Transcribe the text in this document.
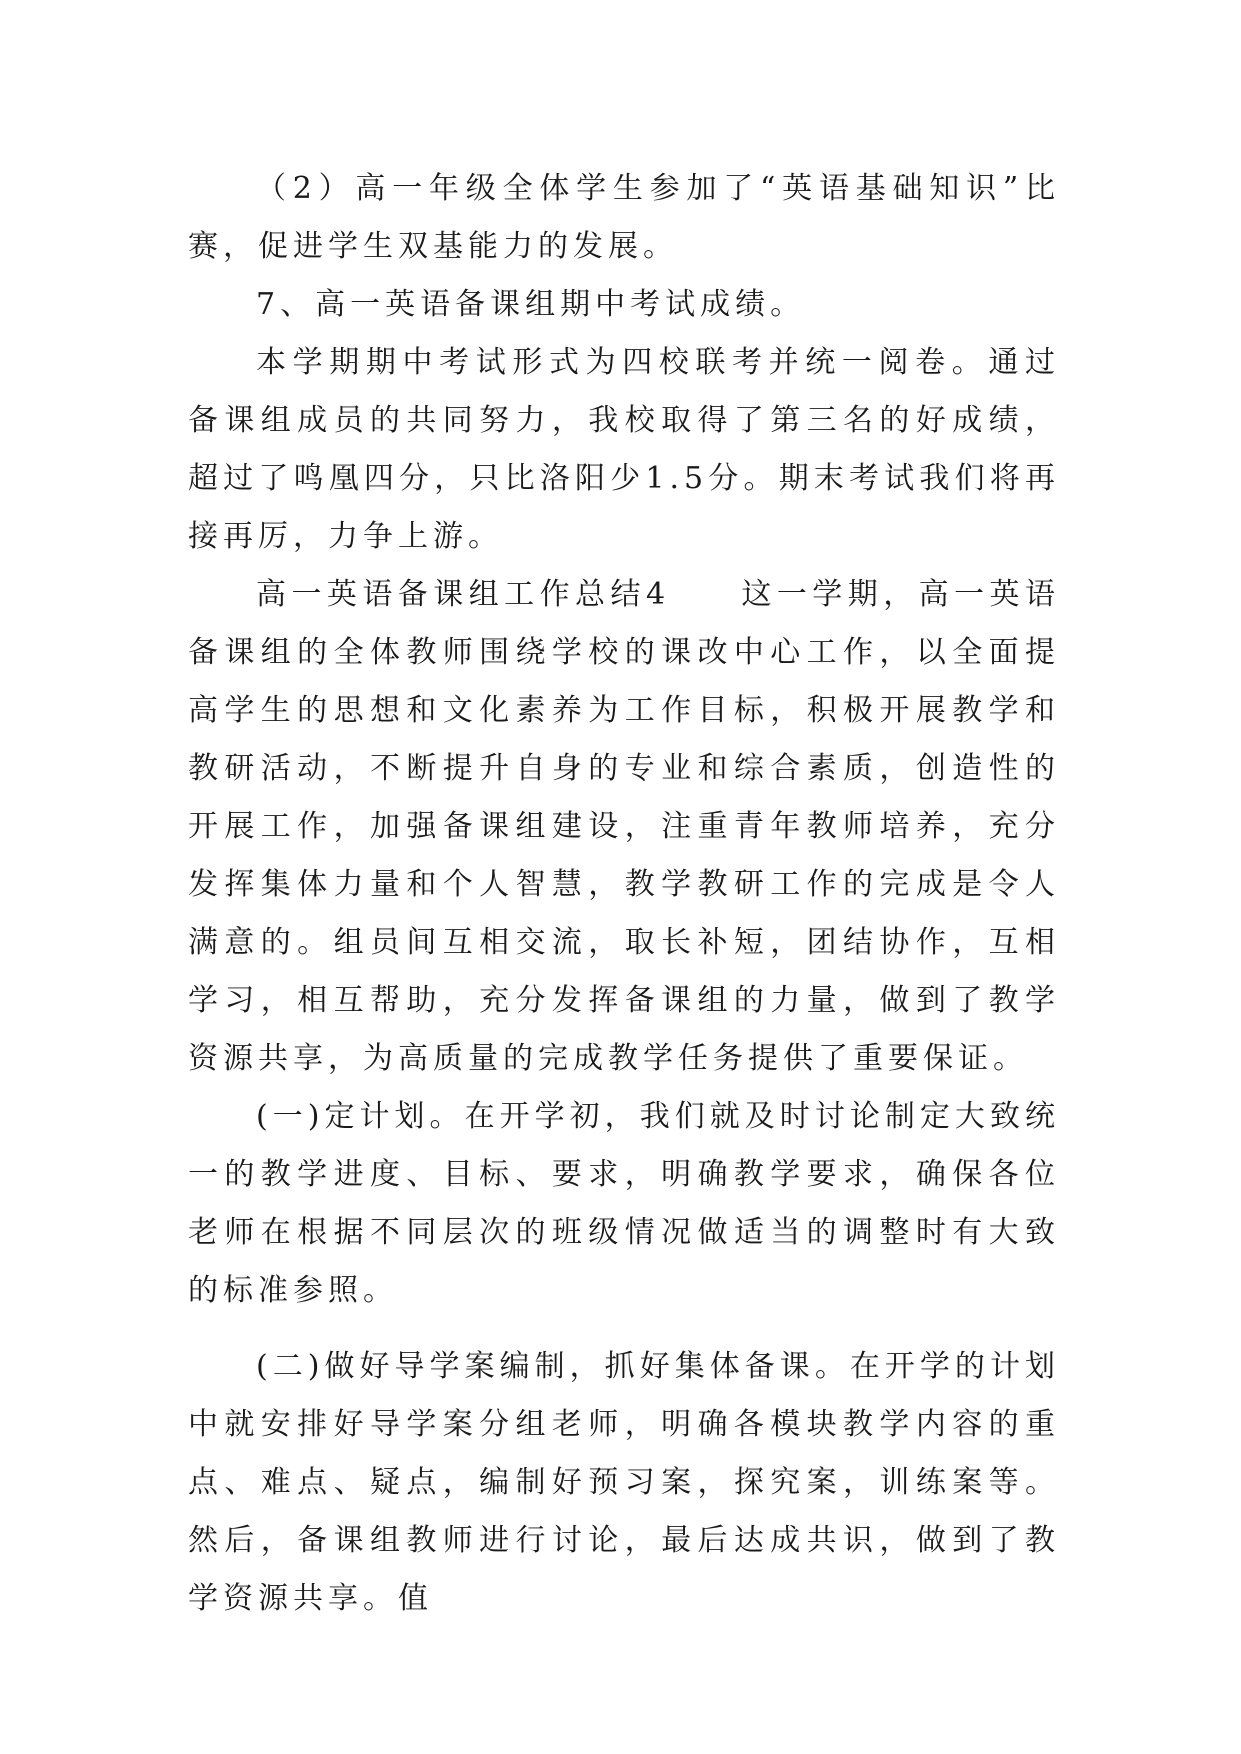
（2）高一年级全体学生参加了“英语基础知识”比赛，促进学生双基能力的发展。

7、高一英语备课组期中考试成绩。

本学期期中考试形式为四校联考并统一阅卷。通过备课组成员的共同努力，我校取得了第三名的好成绩，超过了鸣凰四分，只比洛阳少1.5分。期末考试我们将再接再厉，力争上游。

高一英语备课组工作总结4　　这一学期，高一英语备课组的全体教师围绕学校的课改中心工作，以全面提高学生的思想和文化素养为工作目标，积极开展教学和教研活动，不断提升自身的专业和综合素质，创造性的开展工作，加强备课组建设，注重青年教师培养，充分发挥集体力量和个人智慧，教学教研工作的完成是令人满意的。组员间互相交流，取长补短，团结协作，互相学习，相互帮助，充分发挥备课组的力量，做到了教学资源共享，为高质量的完成教学任务提供了重要保证。

(一)定计划。在开学初，我们就及时讨论制定大致统一的教学进度、目标、要求，明确教学要求，确保各位老师在根据不同层次的班级情况做适当的调整时有大致的标准参照。

(二)做好导学案编制，抓好集体备课。在开学的计划中就安排好导学案分组老师，明确各模块教学内容的重点、难点、疑点，编制好预习案，探究案，训练案等。然后，备课组教师进行讨论，最后达成共识，做到了教学资源共享。值
